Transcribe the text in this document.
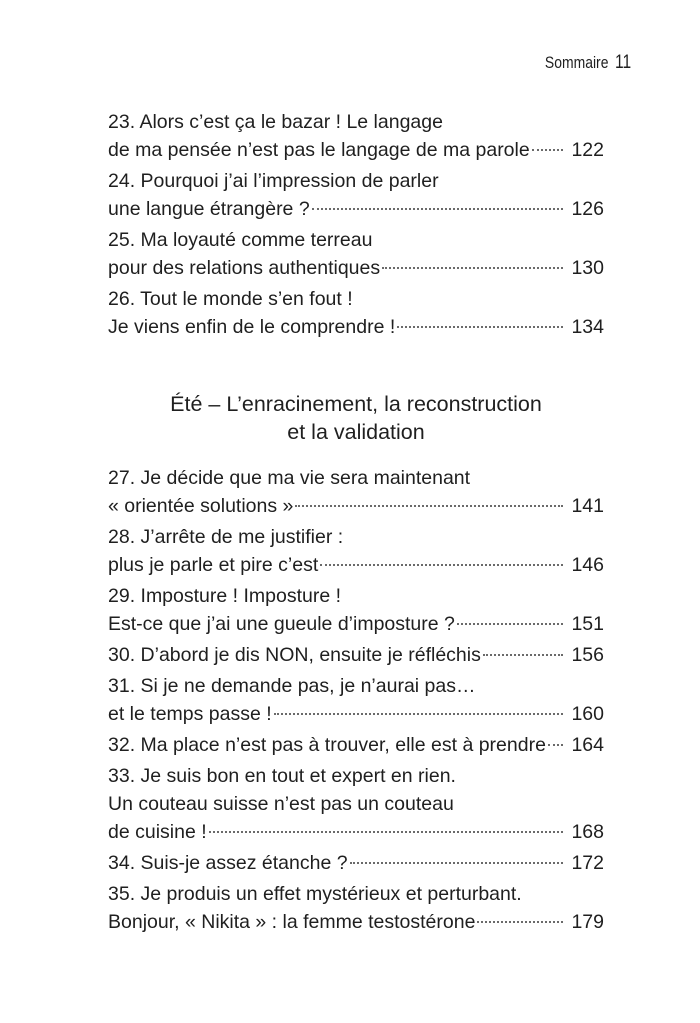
Sommaire 11
23. Alors c’est ça le bazar ! Le langage
de ma pensée n’est pas le langage de ma parole 122
24. Pourquoi j’ai l’impression de parler
une langue étrangère ?	126
25. Ma loyauté comme terreau
pour des relations authentiques	130
26. Tout le monde s’en fout !
Je viens enfin de le comprendre !	134
Été – L’enracinement, la reconstruction
et la validation
27. Je décide que ma vie sera maintenant
« orientée solutions »	141
28. J’arrête de me justifier :
plus je parle et pire c’est	146
29. Imposture ! Imposture !
Est-ce que j’ai une gueule d’imposture ?	151
30. D’abord je dis NON, ensuite je réfléchis	156
31. Si je ne demande pas, je n’aurai pas…
et le temps passe !	160
32. Ma place n’est pas à trouver, elle est à prendre 164
33. Je suis bon en tout et expert en rien.
Un couteau suisse n’est pas un couteau
de cuisine !	168
34. Suis-je assez étanche ?	172
35. Je produis un effet mystérieux et perturbant.
Bonjour, « Nikita » : la femme testostérone	179
